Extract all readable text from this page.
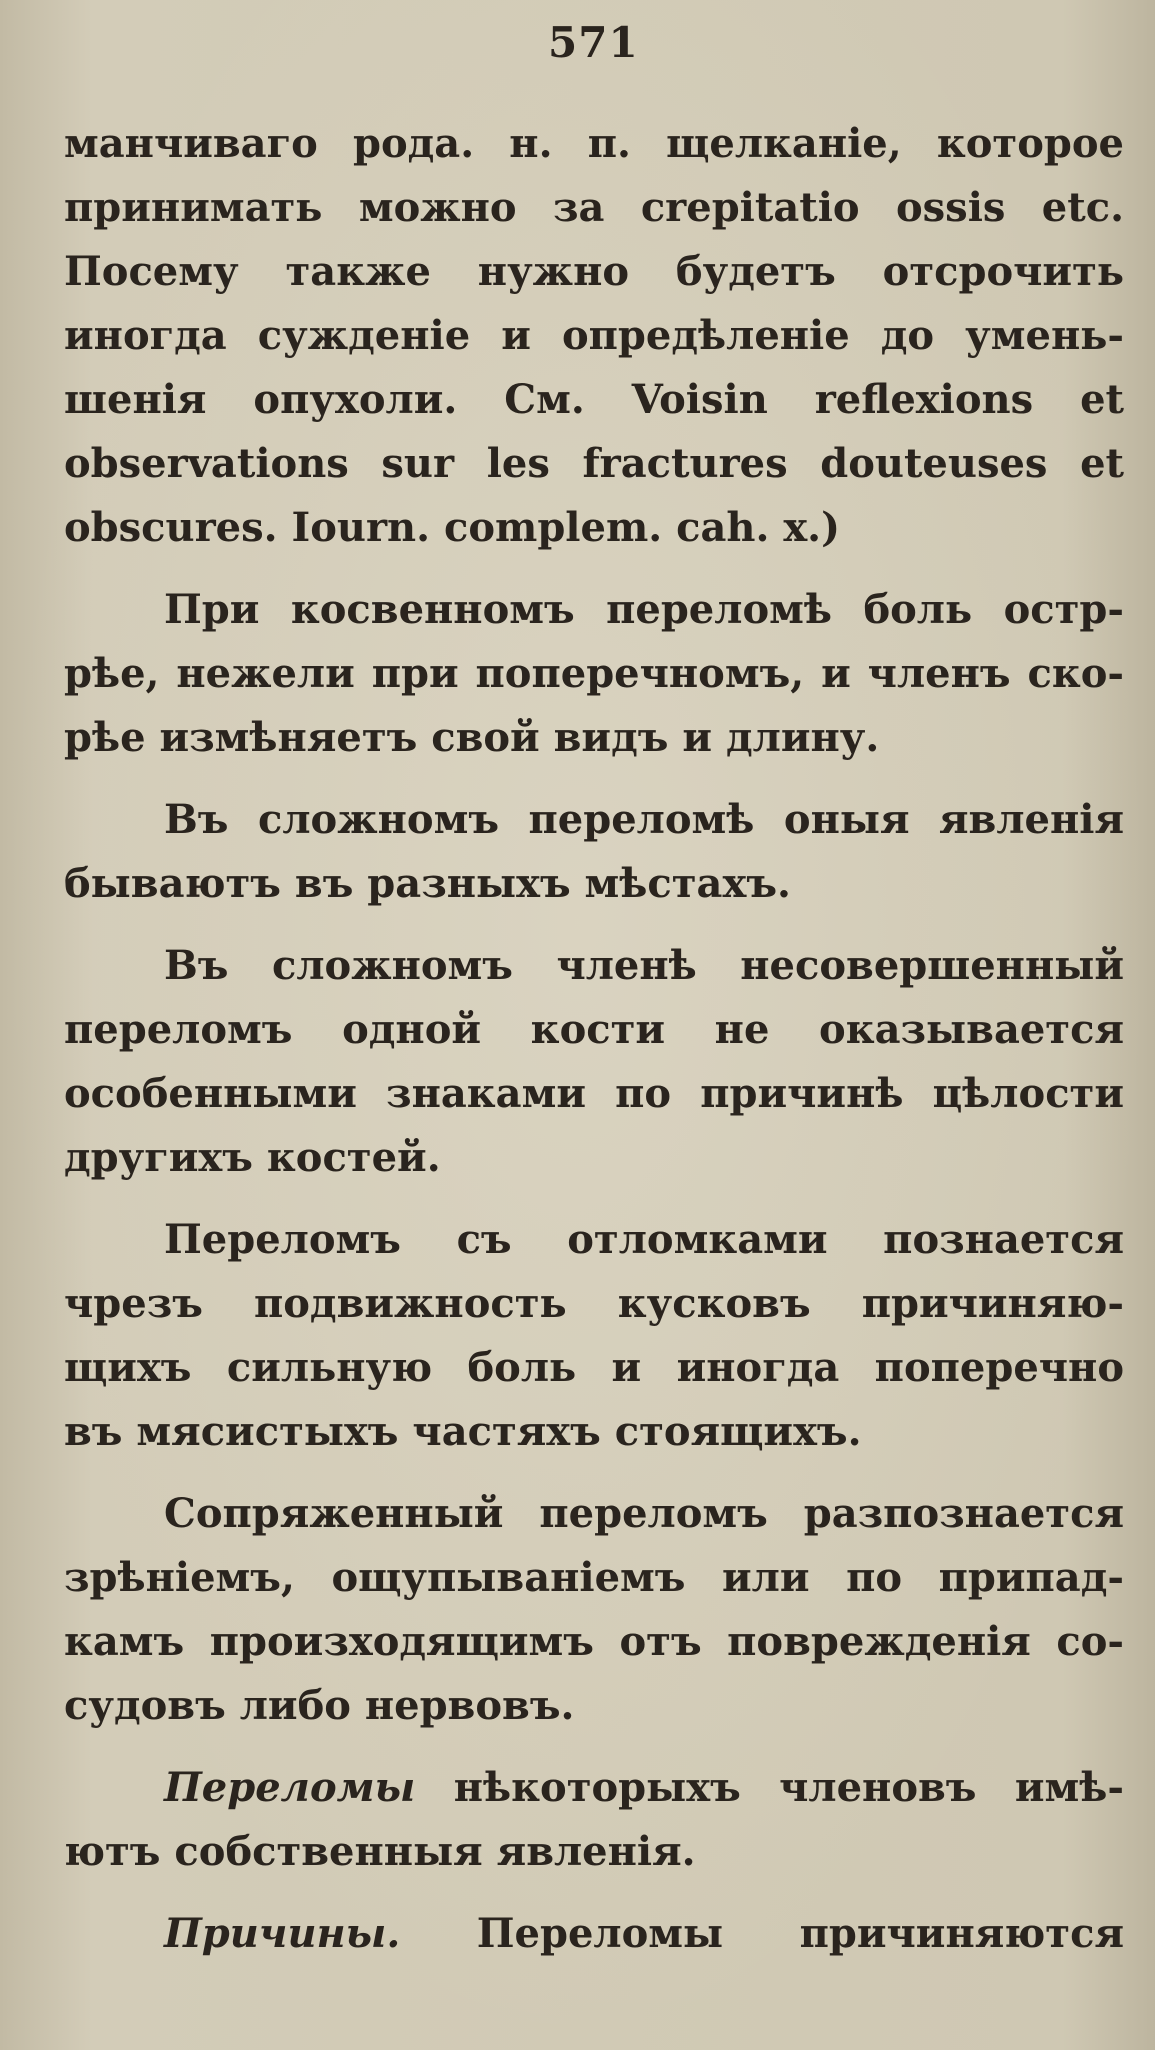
571
манчиваго рода. н. п. щелканіе, которое
принимать можно за crepitatio ossis etc.
Посему также нужно будетъ отсрочить
иногда сужденіе и опредѣленіе до умень-
шенія опухоли. См. Voisin reflexions et
observations sur les fractures douteuses et
obscures. Iourn. complem. cah. x.)
При косвенномъ переломѣ боль остр-
рѣе, нежели при поперечномъ, и членъ ско-
рѣе измѣняетъ свой видъ и длину.
Въ сложномъ переломѣ оныя явленія
бываютъ въ разныхъ мѣстахъ.
Въ сложномъ членѣ несовершенный
переломъ одной кости не оказывается
особенными знаками по причинѣ цѣлости
другихъ костей.
Переломъ съ отломками познается
чрезъ подвижность кусковъ причиняю-
щихъ сильную боль и иногда поперечно
въ мясистыхъ частяхъ стоящихъ.
Сопряженный переломъ разпознается
зрѣніемъ, ощупываніемъ или по припад-
камъ произходящимъ отъ поврежденія со-
судовъ либо нервовъ.
Переломы нѣкоторыхъ членовъ имѣ-
ютъ собственныя явленія.
Причины. Переломы причиняются
